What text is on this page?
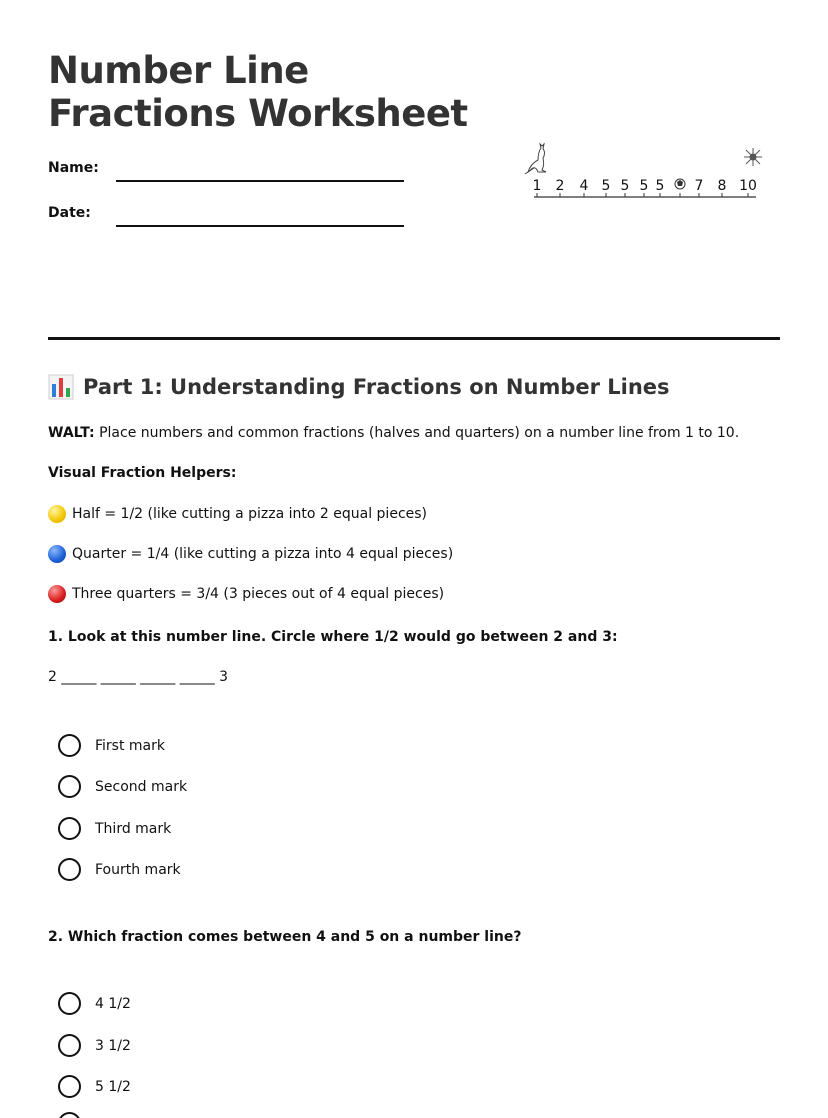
Number Line Fractions Worksheet
Name:
Date:
1 2 4 5 5 5 5 7 8 10
Part 1: Understanding Fractions on Number Lines
WALT: Place numbers and common fractions (halves and quarters) on a number line from 1 to 10.
Visual Fraction Helpers:
Half = 1/2 (like cutting a pizza into 2 equal pieces)
Quarter = 1/4 (like cutting a pizza into 4 equal pieces)
Three quarters = 3/4 (3 pieces out of 4 equal pieces)
1. Look at this number line. Circle where 1/2 would go between 2 and 3:
2 _____ _____ _____ _____ 3
First mark
Second mark
Third mark
Fourth mark
2. Which fraction comes between 4 and 5 on a number line?
4 1/2
3 1/2
5 1/2
